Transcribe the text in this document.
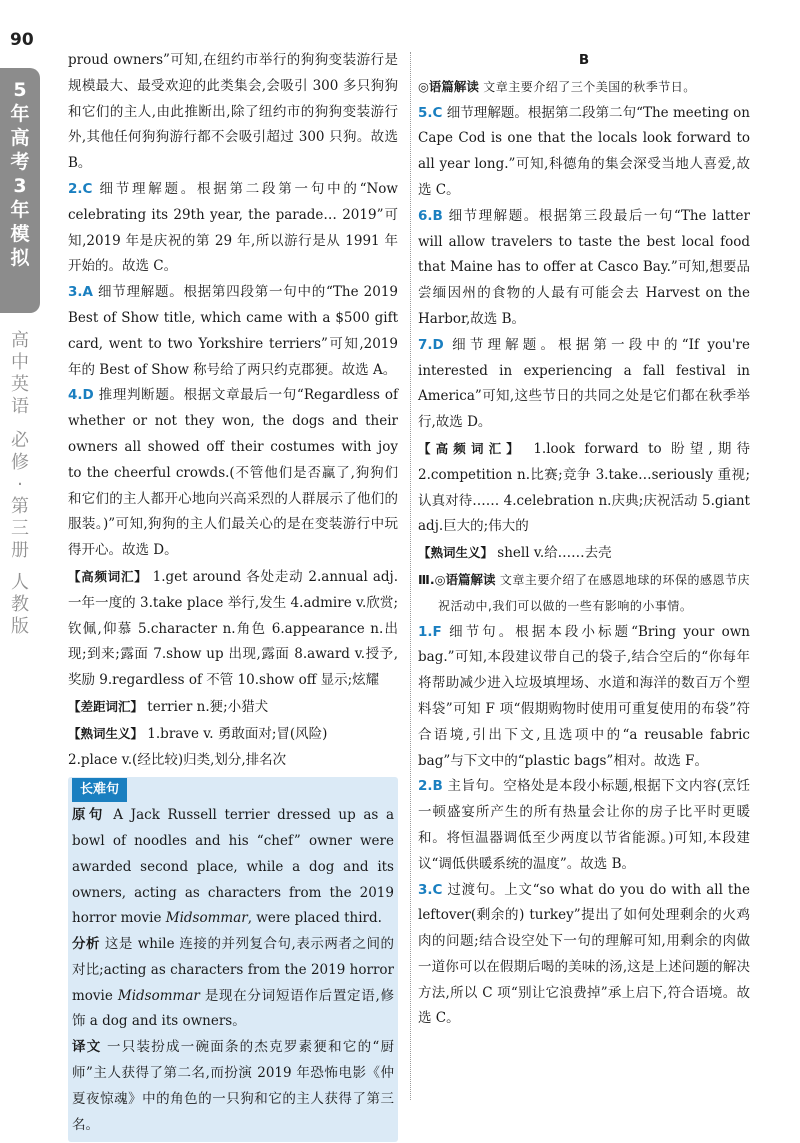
90
5
年
高
考
3
年
模
拟
高
中
英
语
必
修
·
第
三
册
人
教
版

proud owners”可知,在纽约市举行的狗狗变装游行是规模最大、最受欢迎的此类集会,会吸引 300 多只狗狗和它们的主人,由此推断出,除了纽约市的狗狗变装游行外,其他任何狗狗游行都不会吸引超过 300 只狗。故选 B。

2.C 细节理解题。根据第二段第一句中的“Now celebrating its 29th year, the parade… 2019”可知,2019 年是庆祝的第 29 年,所以游行是从 1991 年开始的。故选 C。

3.A 细节理解题。根据第四段第一句中的“The 2019 Best of Show title, which came with a $500 gift card, went to two Yorkshire terriers”可知,2019 年的 Best of Show 称号给了两只约克郡㹴。故选 A。

4.D 推理判断题。根据文章最后一句“Regardless of whether or not they won, the dogs and their owners all showed off their costumes with joy to the cheerful crowds.(不管他们是否赢了,狗狗们和它们的主人都开心地向兴高采烈的人群展示了他们的服装。)”可知,狗狗的主人们最关心的是在变装游行中玩得开心。故选 D。

【高频词汇】 1.get around 各处走动 2.annual adj.一年一度的 3.take place 举行,发生 4.admire v.欣赏;钦佩,仰慕 5.character n.角色 6.appearance n.出现;到来;露面 7.show up 出现,露面 8.award v.授予,奖励 9.regardless of 不管 10.show off 显示;炫耀

【差距词汇】 terrier n.㹴;小猎犬

【熟词生义】 1.brave v. 勇敢面对;冒(风险)

2.place v.(经比较)归类,划分,排名次

长难句

原句 A Jack Russell terrier dressed up as a bowl of noodles and his “chef” owner were awarded second place, while a dog and its owners, acting as characters from the 2019 horror movie Midsommar, were placed third.

分析 这是 while 连接的并列复合句,表示两者之间的对比;acting as characters from the 2019 horror movie Midsommar 是现在分词短语作后置定语,修饰 a dog and its owners。

译文 一只装扮成一碗面条的杰克罗素㹴和它的“厨师”主人获得了第二名,而扮演 2019 年恐怖电影《仲夏夜惊魂》中的角色的一只狗和它的主人获得了第三名。

B

◎语篇解读 文章主要介绍了三个美国的秋季节日。

5.C 细节理解题。根据第二段第二句“The meeting on Cape Cod is one that the locals look forward to all year long.”可知,科德角的集会深受当地人喜爱,故选 C。

6.B 细节理解题。根据第三段最后一句“The latter will allow travelers to taste the best local food that Maine has to offer at Casco Bay.”可知,想要品尝缅因州的食物的人最有可能会去 Harvest on the Harbor,故选 B。

7.D 细节理解题。根据第一段中的“If you're interested in experiencing a fall festival in America”可知,这些节日的共同之处是它们都在秋季举行,故选 D。

【高频词汇】 1.look forward to 盼望,期待 2.competition n.比赛;竞争 3.take…seriously 重视;认真对待…… 4.celebration n.庆典;庆祝活动 5.giant adj.巨大的;伟大的

【熟词生义】 shell v.给……去壳

Ⅲ.◎语篇解读 文章主要介绍了在感恩地球的环保的感恩节庆祝活动中,我们可以做的一些有影响的小事情。

1.F 细节句。根据本段小标题“Bring your own bag.”可知,本段建议带自己的袋子,结合空后的“你每年将帮助减少进入垃圾填埋场、水道和海洋的数百万个塑料袋”可知 F 项“假期购物时使用可重复使用的布袋”符合语境,引出下文,且选项中的“a reusable fabric bag”与下文中的“plastic bags”相对。故选 F。

2.B 主旨句。空格处是本段小标题,根据下文内容(烹饪一顿盛宴所产生的所有热量会让你的房子比平时更暖和。将恒温器调低至少两度以节省能源。)可知,本段建议“调低供暖系统的温度”。故选 B。

3.C 过渡句。上文“so what do you do with all the leftover(剩余的) turkey”提出了如何处理剩余的火鸡肉的问题;结合设空处下一句的理解可知,用剩余的肉做一道你可以在假期后喝的美味的汤,这是上述问题的解决方法,所以 C 项“别让它浪费掉”承上启下,符合语境。故选 C。
